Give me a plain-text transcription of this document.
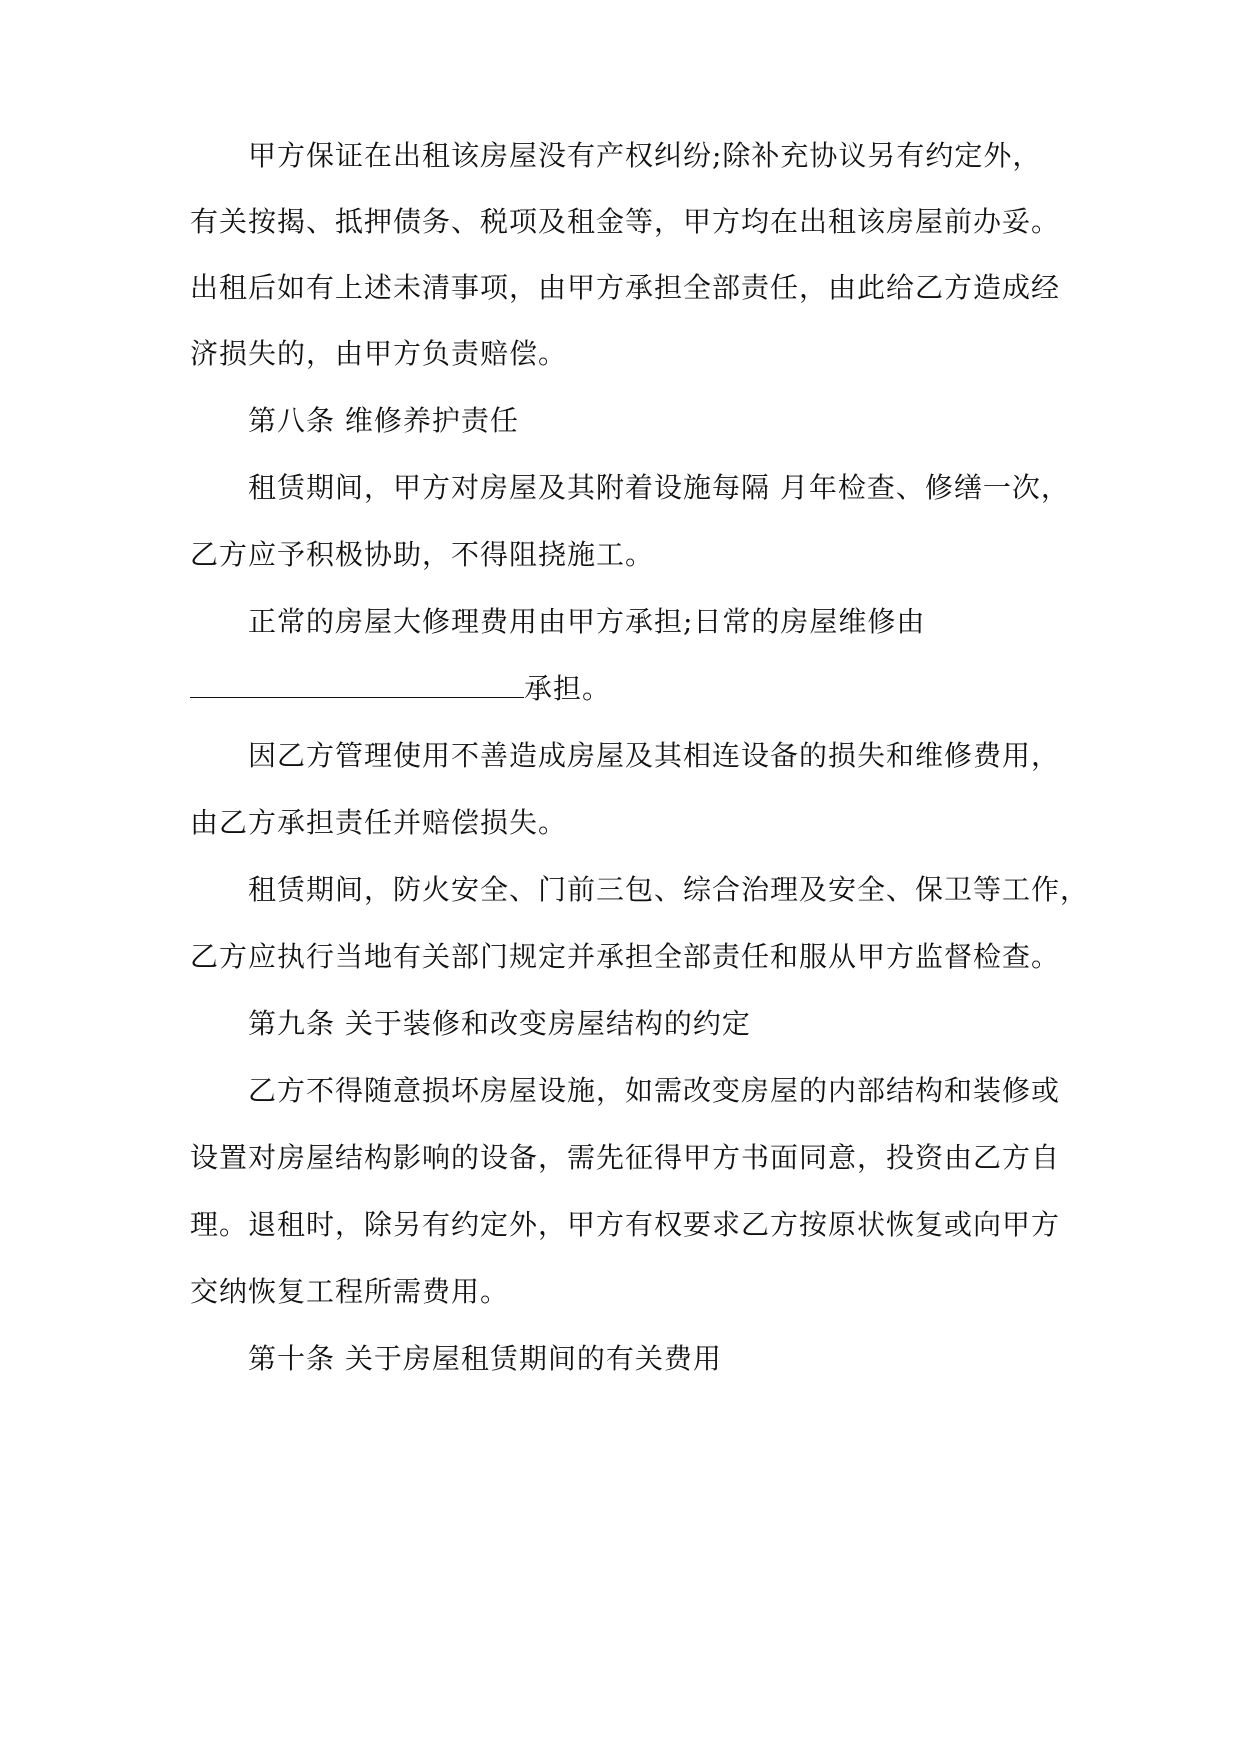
甲方保证在出租该房屋没有产权纠纷;除补充协议另有约定外，
有关按揭、抵押债务、税项及租金等，甲方均在出租该房屋前办妥。
出租后如有上述未清事项，由甲方承担全部责任，由此给乙方造成经
济损失的，由甲方负责赔偿。
第八条 维修养护责任
租赁期间，甲方对房屋及其附着设施每隔 月年检查、修缮一次，
乙方应予积极协助，不得阻挠施工。
正常的房屋大修理费用由甲方承担;日常的房屋维修由
承担。
因乙方管理使用不善造成房屋及其相连设备的损失和维修费用，
由乙方承担责任并赔偿损失。
租赁期间，防火安全、门前三包、综合治理及安全、保卫等工作，
乙方应执行当地有关部门规定并承担全部责任和服从甲方监督检查。
第九条 关于装修和改变房屋结构的约定
乙方不得随意损坏房屋设施，如需改变房屋的内部结构和装修或
设置对房屋结构影响的设备，需先征得甲方书面同意，投资由乙方自
理。退租时，除另有约定外，甲方有权要求乙方按原状恢复或向甲方
交纳恢复工程所需费用。
第十条 关于房屋租赁期间的有关费用
